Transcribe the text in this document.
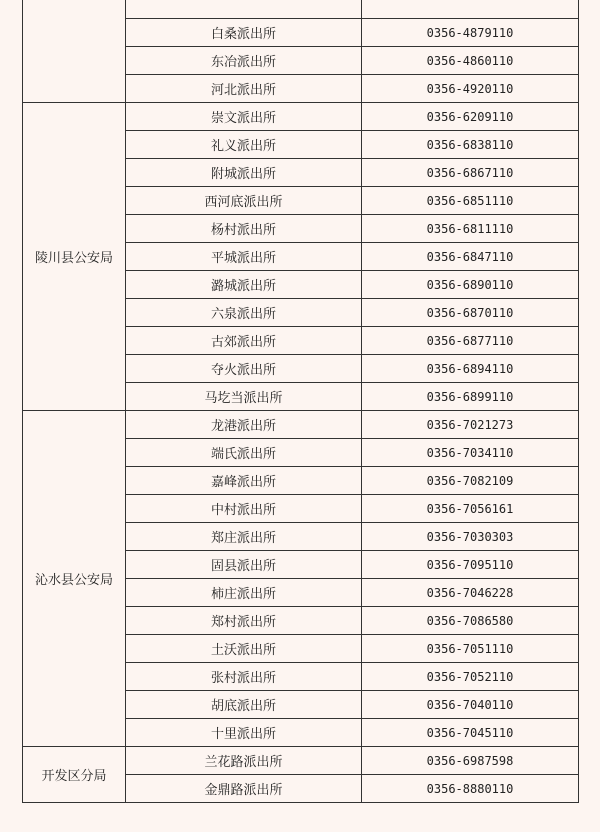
	白桑派出所	0356-4879110
	东冶派出所	0356-4860110
	河北派出所	0356-4920110
陵川县公安局	崇文派出所	0356-6209110
	礼义派出所	0356-6838110
	附城派出所	0356-6867110
	西河底派出所	0356-6851110
	杨村派出所	0356-6811110
	平城派出所	0356-6847110
	潞城派出所	0356-6890110
	六泉派出所	0356-6870110
	古郊派出所	0356-6877110
	夺火派出所	0356-6894110
	马圪当派出所	0356-6899110
沁水县公安局	龙港派出所	0356-7021273
	端氏派出所	0356-7034110
	嘉峰派出所	0356-7082109
	中村派出所	0356-7056161
	郑庄派出所	0356-7030303
	固县派出所	0356-7095110
	柿庄派出所	0356-7046228
	郑村派出所	0356-7086580
	土沃派出所	0356-7051110
	张村派出所	0356-7052110
	胡底派出所	0356-7040110
	十里派出所	0356-7045110
开发区分局	兰花路派出所	0356-6987598
	金鼎路派出所	0356-8880110
